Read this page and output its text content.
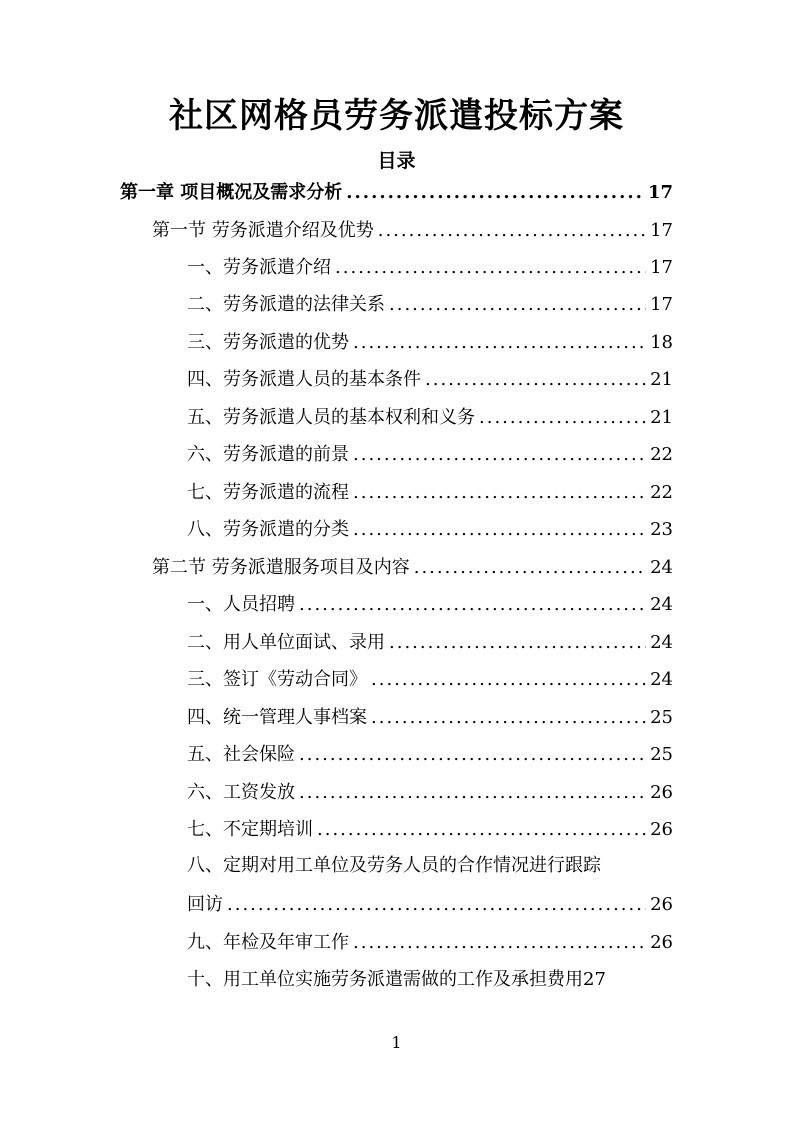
社区网格员劳务派遣投标方案
目录
第一章 项目概况及需求分析 .....	17
第一节 劳务派遣介绍及优势 .....	17
一、劳务派遣介绍 .....	17
二、劳务派遣的法律关系 .....	17
三、劳务派遣的优势 .....	18
四、劳务派遣人员的基本条件 .....	21
五、劳务派遣人员的基本权利和义务 .....	21
六、劳务派遣的前景 .....	22
七、劳务派遣的流程 .....	22
八、劳务派遣的分类 .....	23
第二节 劳务派遣服务项目及内容 .....	24
一、人员招聘 .....	24
二、用人单位面试、录用 .....	24
三、签订《劳动合同》 .....	24
四、统一管理人事档案 .....	25
五、社会保险 .....	25
六、工资发放 .....	26
七、不定期培训 .....	26
八、定期对用工单位及劳务人员的合作情况进行跟踪
回访 .....	26
九、年检及年审工作 .....	26
十、用工单位实施劳务派遣需做的工作及承担费用 27
1
